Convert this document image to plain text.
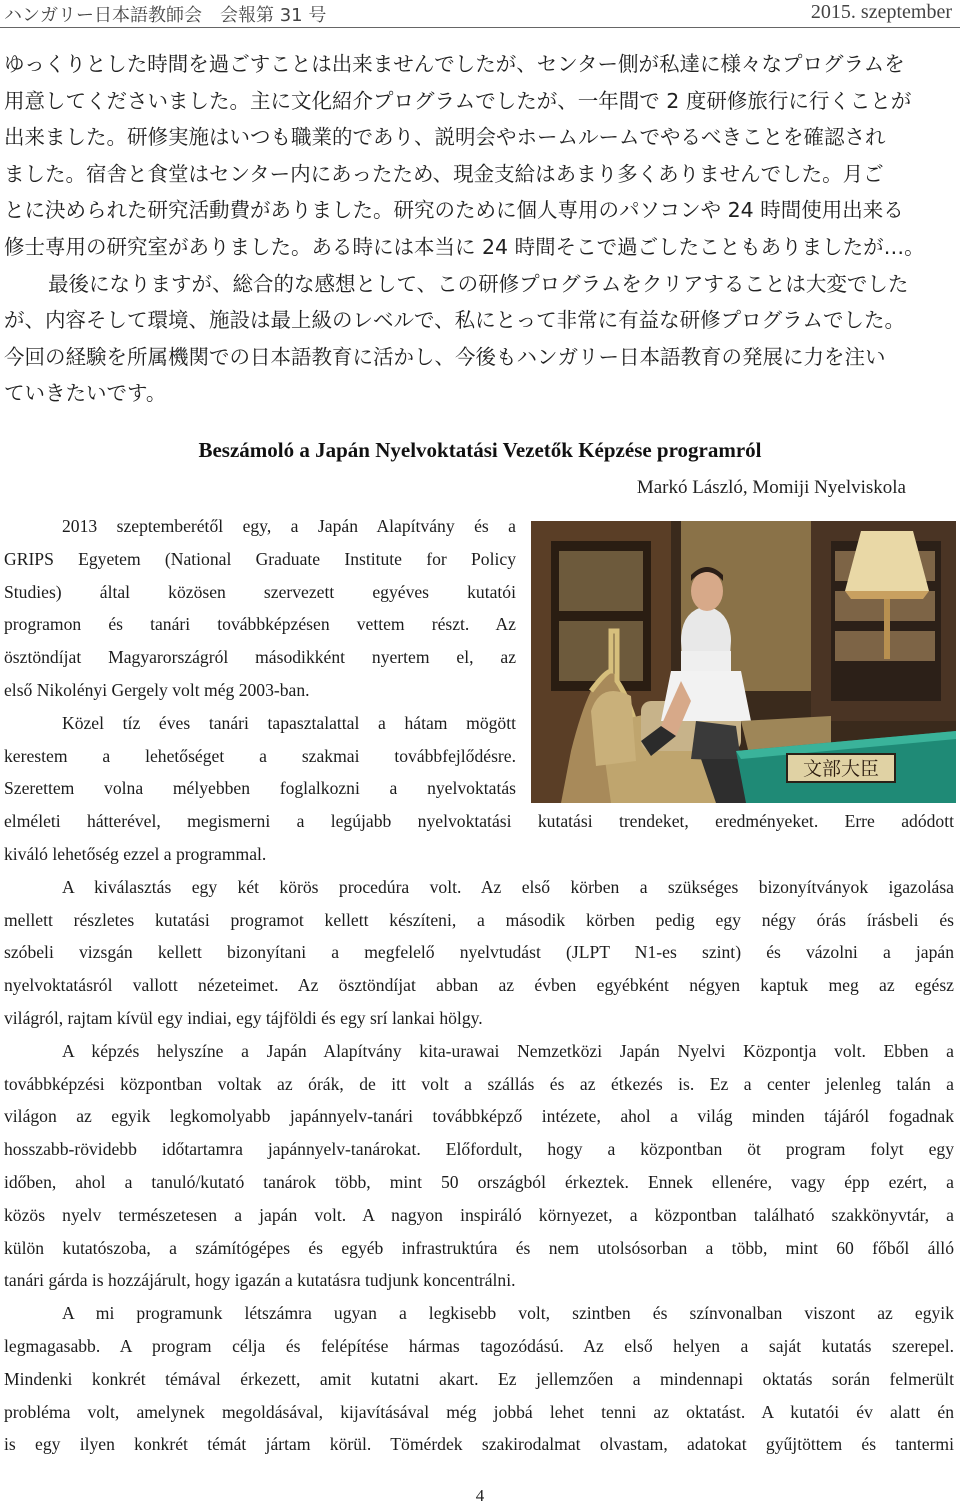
ハンガリー日本語教師会　会報第 31 号	2015. szeptember
ゆっくりとした時間を過ごすことは出来ませんでしたが、センター側が私達に様々なプログラムを
用意してくださいました。主に文化紹介プログラムでしたが、一年間で 2 度研修旅行に行くことが
出来ました。研修実施はいつも職業的であり、説明会やホームルームでやるべきことを確認され
ました。宿舎と食堂はセンター内にあったため、現金支給はあまり多くありませんでした。月ご
とに決められた研究活動費がありました。研究のために個人専用のパソコンや 24 時間使用出来る
修士専用の研究室がありました。ある時には本当に 24 時間そこで過ごしたこともありましたが…。
最後になりますが、総合的な感想として、この研修プログラムをクリアすることは大変でした
が、内容そして環境、施設は最上級のレベルで、私にとって非常に有益な研修プログラムでした。
今回の経験を所属機関での日本語教育に活かし、今後もハンガリー日本語教育の発展に力を注い
ていきたいです。
Beszámoló a Japán Nyelvoktatási Vezetők Képzése programról
Markó László, Momiji Nyelviskola
文部大臣
2013 szeptemberétől egy, a Japán Alapítvány és a
GRIPS Egyetem (National Graduate Institute for Policy
Studies) által közösen szervezett egyéves kutatói
programon és tanári továbbképzésen vettem részt. Az
ösztöndíjat Magyarországról másodikként nyertem el, az
első Nikolényi Gergely volt még 2003-ban.
Közel tíz éves tanári tapasztalattal a hátam mögött
kerestem a lehetőséget a szakmai továbbfejlődésre.
Szerettem volna mélyebben foglalkozni a nyelvoktatás
elméleti hátterével, megismerni a legújabb nyelvoktatási kutatási trendeket, eredményeket. Erre adódott
kiváló lehetőség ezzel a programmal.
A kiválasztás egy két körös procedúra volt. Az első körben a szükséges bizonyítványok igazolása
mellett részletes kutatási programot kellett készíteni, a második körben pedig egy négy órás írásbeli és
szóbeli vizsgán kellett bizonyítani a megfelelő nyelvtudást (JLPT N1-es szint) és vázolni a japán
nyelvoktatásról vallott nézeteimet. Az ösztöndíjat abban az évben egyébként négyen kaptuk meg az egész
világról, rajtam kívül egy indiai, egy tájföldi és egy srí lankai hölgy.
A képzés helyszíne a Japán Alapítvány kita-urawai Nemzetközi Japán Nyelvi Központja volt. Ebben a
továbbképzési központban voltak az órák, de itt volt a szállás és az étkezés is. Ez a center jelenleg talán a
világon az egyik legkomolyabb japánnyelv-tanári továbbképző intézete, ahol a világ minden tájáról fogadnak
hosszabb-rövidebb időtartamra japánnyelv-tanárokat. Előfordult, hogy a központban öt program folyt egy
időben, ahol a tanuló/kutató tanárok több, mint 50 országból érkeztek. Ennek ellenére, vagy épp ezért, a
közös nyelv természetesen a japán volt. A nagyon inspiráló környezet, a központban található szakkönyvtár, a
külön kutatószoba, a számítógépes és egyéb infrastruktúra és nem utolsósorban a több, mint 60 főből álló
tanári gárda is hozzájárult, hogy igazán a kutatásra tudjunk koncentrálni.
A mi programunk létszámra ugyan a legkisebb volt, szintben és színvonalban viszont az egyik
legmagasabb. A program célja és felépítése hármas tagozódású. Az első helyen a saját kutatás szerepel.
Mindenki konkrét témával érkezett, amit kutatni akart. Ez jellemzően a mindennapi oktatás során felmerült
probléma volt, amelynek megoldásával, kijavításával még jobbá lehet tenni az oktatást. A kutatói év alatt én
is egy ilyen konkrét témát jártam körül. Tömérdek szakirodalmat olvastam, adatokat gyűjtöttem és tantermi
4
